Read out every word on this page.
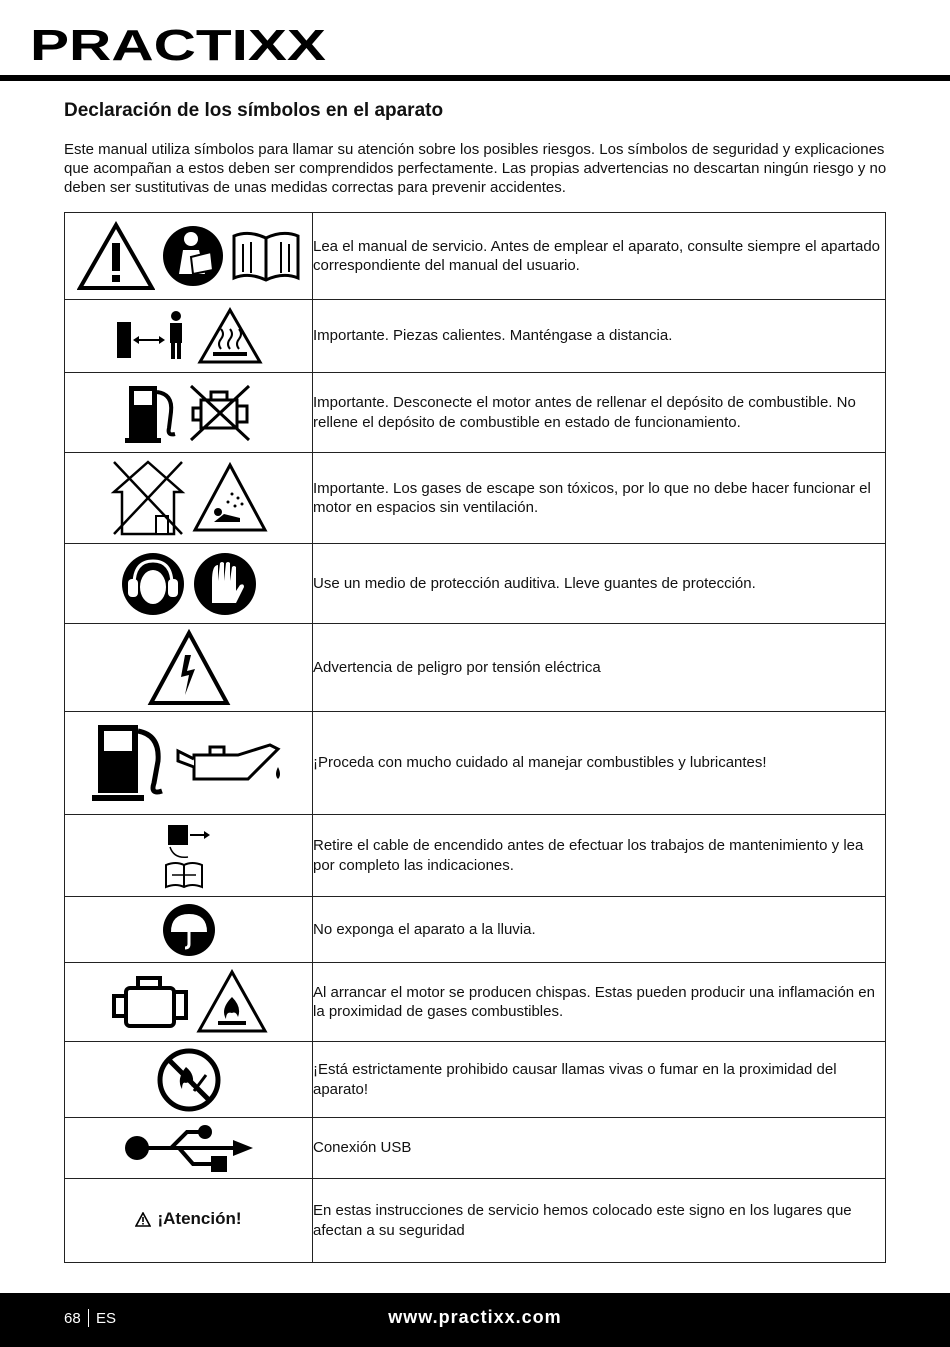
PRACTIXX
Declaración de los símbolos en el aparato

Este manual utiliza símbolos para llamar su atención sobre los posibles riesgos. Los símbolos de seguridad y explicaciones que acompañan a estos deben ser comprendidos perfectamente. Las propias advertencias no descartan ningún riesgo y no deben ser sustitutivas de unas medidas correctas para prevenir accidentes.

	Lea el manual de servicio. Antes de emplear el aparato, consulte siempre el apartado correspondiente del manual del usuario.

	Importante. Piezas calientes. Manténgase a distancia.

	Importante. Desconecte el motor antes de rellenar el depósito de combustible. No rellene el depósito de combustible en estado de funcionamiento.

	Importante. Los gases de escape son tóxicos, por lo que no debe hacer funcionar el motor en espacios sin ventilación.

	Use un medio de protección auditiva. Lleve guantes de protección.

	Advertencia de peligro por tensión eléctrica

	¡Proceda con mucho cuidado al manejar combustibles y lubricantes!

	Retire el cable de encendido antes de efectuar los trabajos de mantenimiento y lea por completo las indicaciones.

	No exponga el aparato a la lluvia.

	Al arrancar el motor se producen chispas. Estas pueden producir una inflamación en la proximidad de gases combustibles.

	¡Está estrictamente prohibido causar llamas vivas o fumar en la proximidad del aparato!

	Conexión USB

¡Atención!	En estas instrucciones de servicio hemos colocado este signo en los lugares que afectan a su seguridad
68 ES	www.practixx.com
